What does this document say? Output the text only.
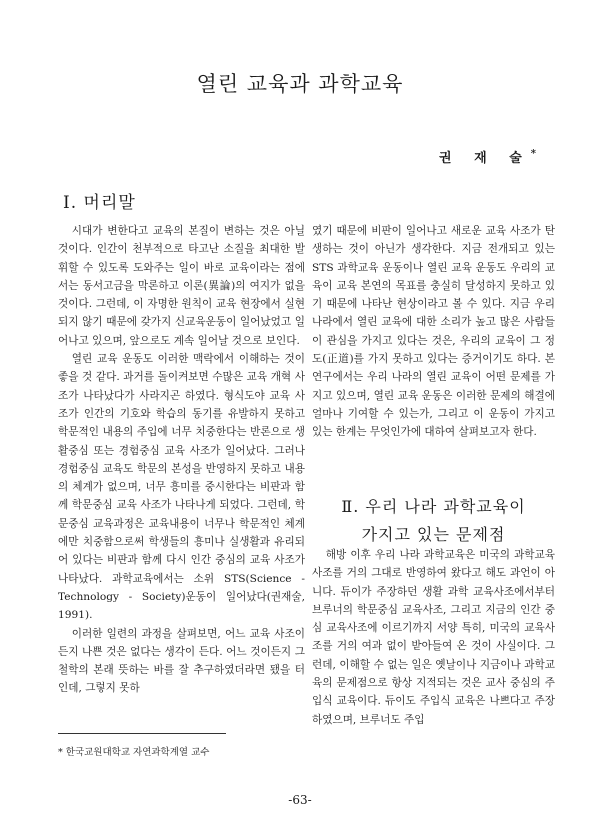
열린 교육과 과학교육
권 재 술*
Ⅰ. 머리말

시대가 변한다고 교육의 본질이 변하는 것은 아닐 것이다. 인간이 천부적으로 타고난 소질을 최대한 발휘할 수 있도록 도와주는 일이 바로 교육이라는 점에서는 동서고금을 막론하고 이론(異論)의 여지가 없을 것이다. 그런데, 이 자명한 원칙이 교육 현장에서 실현되지 않기 때문에 갖가지 신교육운동이 일어났었고 일어나고 있으며, 앞으로도 계속 일어날 것으로 보인다.

열린 교육 운동도 이러한 맥락에서 이해하는 것이 좋을 것 같다. 과거를 돌이켜보면 수많은 교육 개혁 사조가 나타났다가 사라지곤 하였다. 형식도야 교육 사조가 인간의 기호와 학습의 동기를 유발하지 못하고 학문적인 내용의 주입에 너무 치중한다는 반론으로 생활중심 또는 경험중심 교육 사조가 일어났다. 그러나 경험중심 교육도 학문의 본성을 반영하지 못하고 내용의 체계가 없으며, 너무 흥미를 중시한다는 비판과 함께 학문중심 교육 사조가 나타나게 되었다. 그런데, 학문중심 교육과정은 교육내용이 너무나 학문적인 체계에만 치중함으로써 학생들의 흥미나 실생활과 유리되어 있다는 비판과 함께 다시 인간 중심의 교육 사조가 나타났다. 과학교육에서는 소위 STS(Science - Technology - Society)운동이 일어났다(권재술, 1991).

이러한 일련의 과정을 살펴보면, 어느 교육 사조이든지 나쁜 것은 없다는 생각이 든다. 어느 것이든지 그 철학의 본래 뜻하는 바를 잘 추구하였더라면 됐을 터인데, 그렇지 못하

였기 때문에 비판이 일어나고 새로운 교육 사조가 탄생하는 것이 아닌가 생각한다. 지금 전개되고 있는 STS 과학교육 운동이나 열린 교육 운동도 우리의 교육이 교육 본연의 목표를 충실히 달성하지 못하고 있기 때문에 나타난 현상이라고 볼 수 있다. 지금 우리 나라에서 열린 교육에 대한 소리가 높고 많은 사람들이 관심을 가지고 있다는 것은, 우리의 교육이 그 정도(正道)를 가지 못하고 있다는 증거이기도 하다. 본 연구에서는 우리 나라의 열린 교육이 어떤 문제를 가지고 있으며, 열린 교육 운동은 이러한 문제의 해결에 얼마나 기여할 수 있는가, 그리고 이 운동이 가지고 있는 한계는 무엇인가에 대하여 살펴보고자 한다.

Ⅱ. 우리 나라 과학교육이
가지고 있는 문제점

해방 이후 우리 나라 과학교육은 미국의 과학교육 사조를 거의 그대로 반영하여 왔다고 해도 과언이 아니다. 듀이가 주장하던 생활 과학 교육사조에서부터 브루너의 학문중심 교육사조, 그리고 지금의 인간 중심 교육사조에 이르기까지 서양 특히, 미국의 교육사조를 거의 여과 없이 받아들여 온 것이 사실이다. 그런데, 이해할 수 없는 일은 옛날이나 지금이나 과학교육의 문제점으로 항상 지적되는 것은 교사 중심의 주입식 교육이다. 듀이도 주입식 교육은 나쁘다고 주장하였으며, 브루너도 주입

* 한국교원대학교 자연과학계열 교수
-63-
